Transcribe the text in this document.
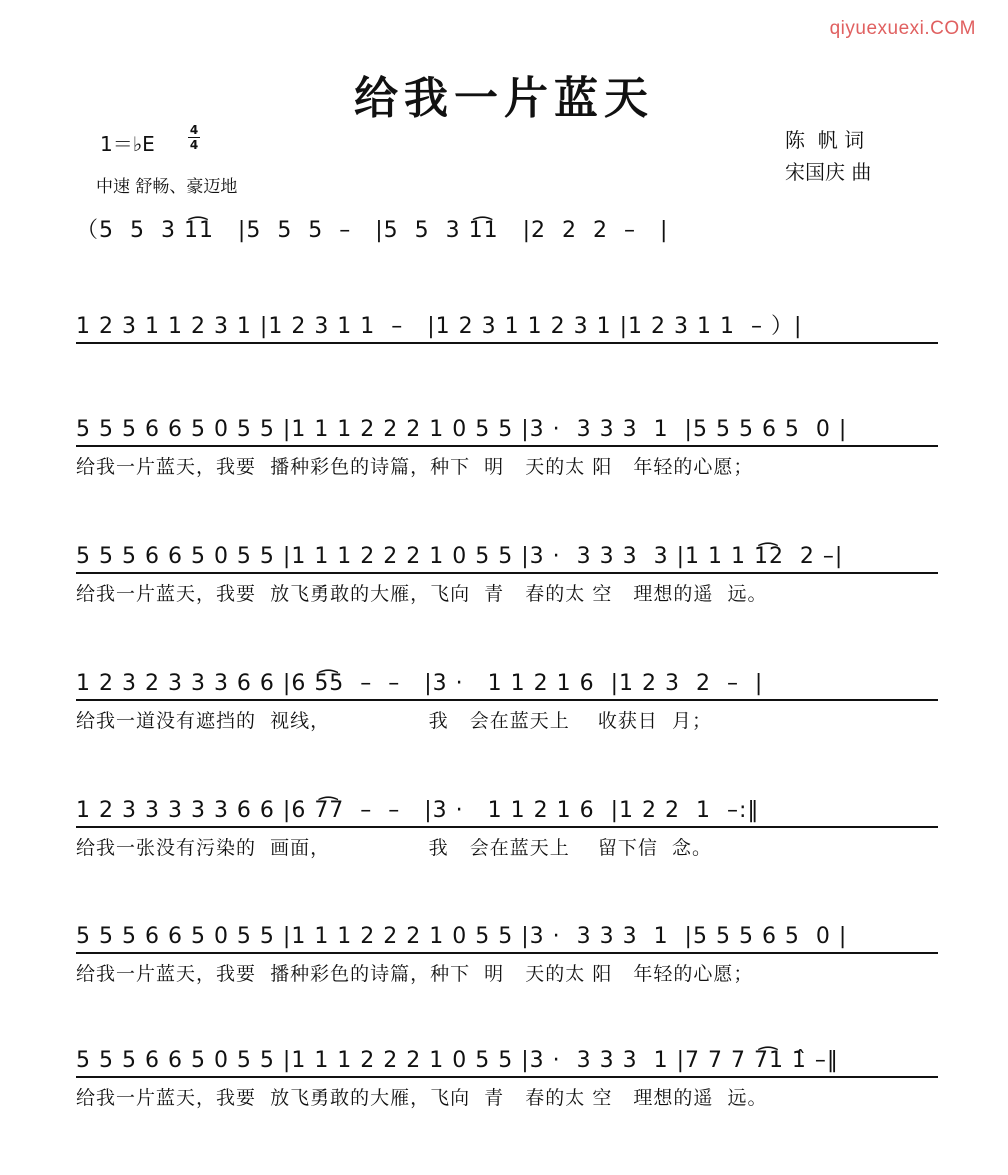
qiyuexuexi.COM
给我一片蓝天
1＝♭E
4
4
中速 舒畅、豪迈地
陈  帆 词
宋国庆 曲
（5  5  3 1͡1   |5  5  5  –   |5  5  3 1͡1   |2  2  2  –   |
1 2 3 1 1 2 3 1 |1 2 3 1 1  –   |1 2 3 1 1 2 3 1 |1 2 3 1 1  – ）|
5 5 5 6 6 5 0 5 5 |1 1 1 2 2 2 1 0 5 5 |3 ·  3 3 3  1  |5 5 5 6 5  0 |
给我一片蓝天，我要  播种彩色的诗篇，种下  明   天的太 阳   年轻的心愿；
5 5 5 6 6 5 0 5 5 |1 1 1 2 2 2 1 0 5 5 |3 ·  3 3 3  3 |1 1 1 1͡2  2 –|
给我一片蓝天，我要  放飞勇敢的大雁，飞向  青   春的太 空   理想的遥  远。
1 2 3 2 3 3 3 6 6 |6 5͡5  –  –   |3 ·   1 1 2 1 6  |1 2 3  2  –  |
给我一道没有遮挡的  视线，              我   会在蓝天上    收获日  月；
1 2 3 3 3 3 3 6 6 |6 7͡7  –  –   |3 ·   1 1 2 1 6  |1 2 2  1  –:‖
给我一张没有污染的  画面，              我   会在蓝天上    留下信  念。
5 5 5 6 6 5 0 5 5 |1 1 1 2 2 2 1 0 5 5 |3 ·  3 3 3  1  |5 5 5 6 5  0 |
给我一片蓝天，我要  播种彩色的诗篇，种下  明   天的太 阳   年轻的心愿；
5 5 5 6 6 5 0 5 5 |1 1 1 2 2 2 1 0 5 5 |3 ·  3 3 3  1 |7 7 7 7͡1 1̂ –‖
给我一片蓝天，我要  放飞勇敢的大雁，飞向  青   春的太 空   理想的遥  远。
